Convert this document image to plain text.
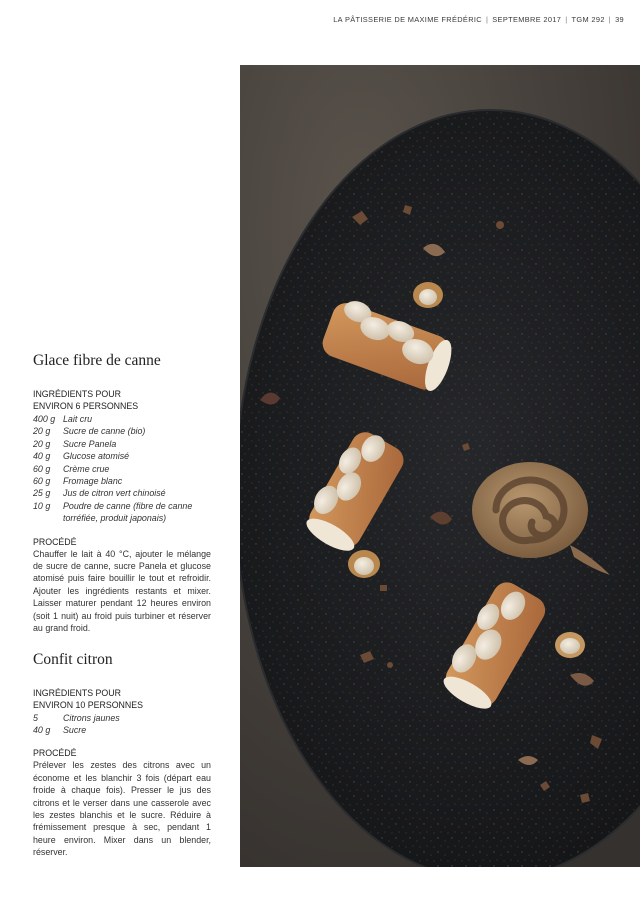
LA PÂTISSERIE DE MAXIME FRÉDÉRIC | SEPTEMBRE 2017 | TGM 292 | 39
Glace fibre de canne
INGRÉDIENTS POUR
ENVIRON 6 PERSONNES
400 g	Lait cru
20 g	Sucre de canne (bio)
20 g	Sucre Panela
40 g	Glucose atomisé
60 g	Crème crue
60 g	Fromage blanc
25 g	Jus de citron vert chinoisé
10 g	Poudre de canne (fibre de canne torréfiée, produit japonais)
PROCÉDÉ

Chauffer le lait à 40 °C, ajouter le mélange de sucre de canne, sucre Panela et glucose atomisé puis faire bouillir le tout et refroidir. Ajouter les ingrédients restants et mixer. Laisser maturer pendant 12 heures environ (soit 1 nuit) au froid puis turbiner et réserver au grand froid.

Confit citron
INGRÉDIENTS POUR
ENVIRON 10 PERSONNES
5	Citrons jaunes
40 g	Sucre
PROCÉDÉ

Prélever les zestes des citrons avec un économe et les blanchir 3 fois (départ eau froide à chaque fois). Presser le jus des citrons et le verser dans une casserole avec les zestes blanchis et le sucre. Réduire à frémissement presque à sec, pendant 1 heure environ. Mixer dans un blender, réserver.
